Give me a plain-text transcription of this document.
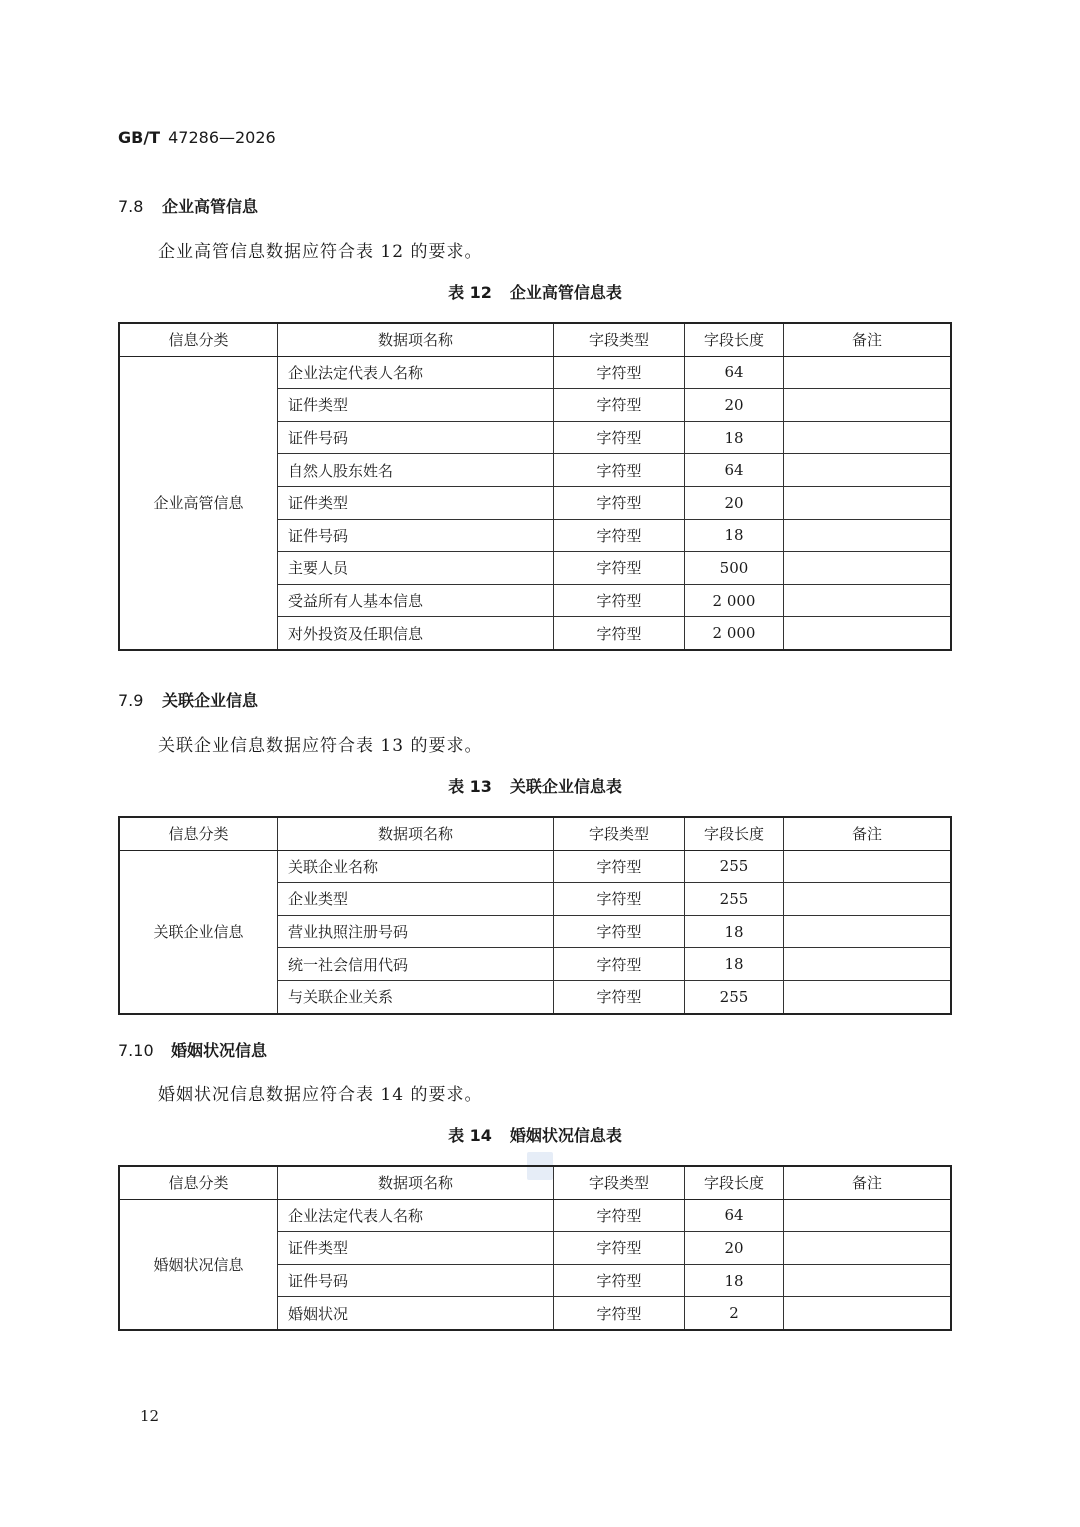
GB/T 47286—2026
7.8 企业高管信息
企业高管信息数据应符合表 12 的要求。
表 12 企业高管信息表
信息分类	数据项名称	字段类型	字段长度	备注
企业高管信息	企业法定代表人名称	字符型	64	
	证件类型	字符型	20	
	证件号码	字符型	18	
	自然人股东姓名	字符型	64	
	证件类型	字符型	20	
	证件号码	字符型	18	
	主要人员	字符型	500	
	受益所有人基本信息	字符型	2 000	
	对外投资及任职信息	字符型	2 000	
7.9 关联企业信息
关联企业信息数据应符合表 13 的要求。
表 13 关联企业信息表
信息分类	数据项名称	字段类型	字段长度	备注
关联企业信息	关联企业名称	字符型	255	
	企业类型	字符型	255	
	营业执照注册号码	字符型	18	
	统一社会信用代码	字符型	18	
	与关联企业关系	字符型	255	
7.10 婚姻状况信息
婚姻状况信息数据应符合表 14 的要求。
表 14 婚姻状况信息表
信息分类	数据项名称	字段类型	字段长度	备注
婚姻状况信息	企业法定代表人名称	字符型	64	
	证件类型	字符型	20	
	证件号码	字符型	18	
	婚姻状况	字符型	2	
12
